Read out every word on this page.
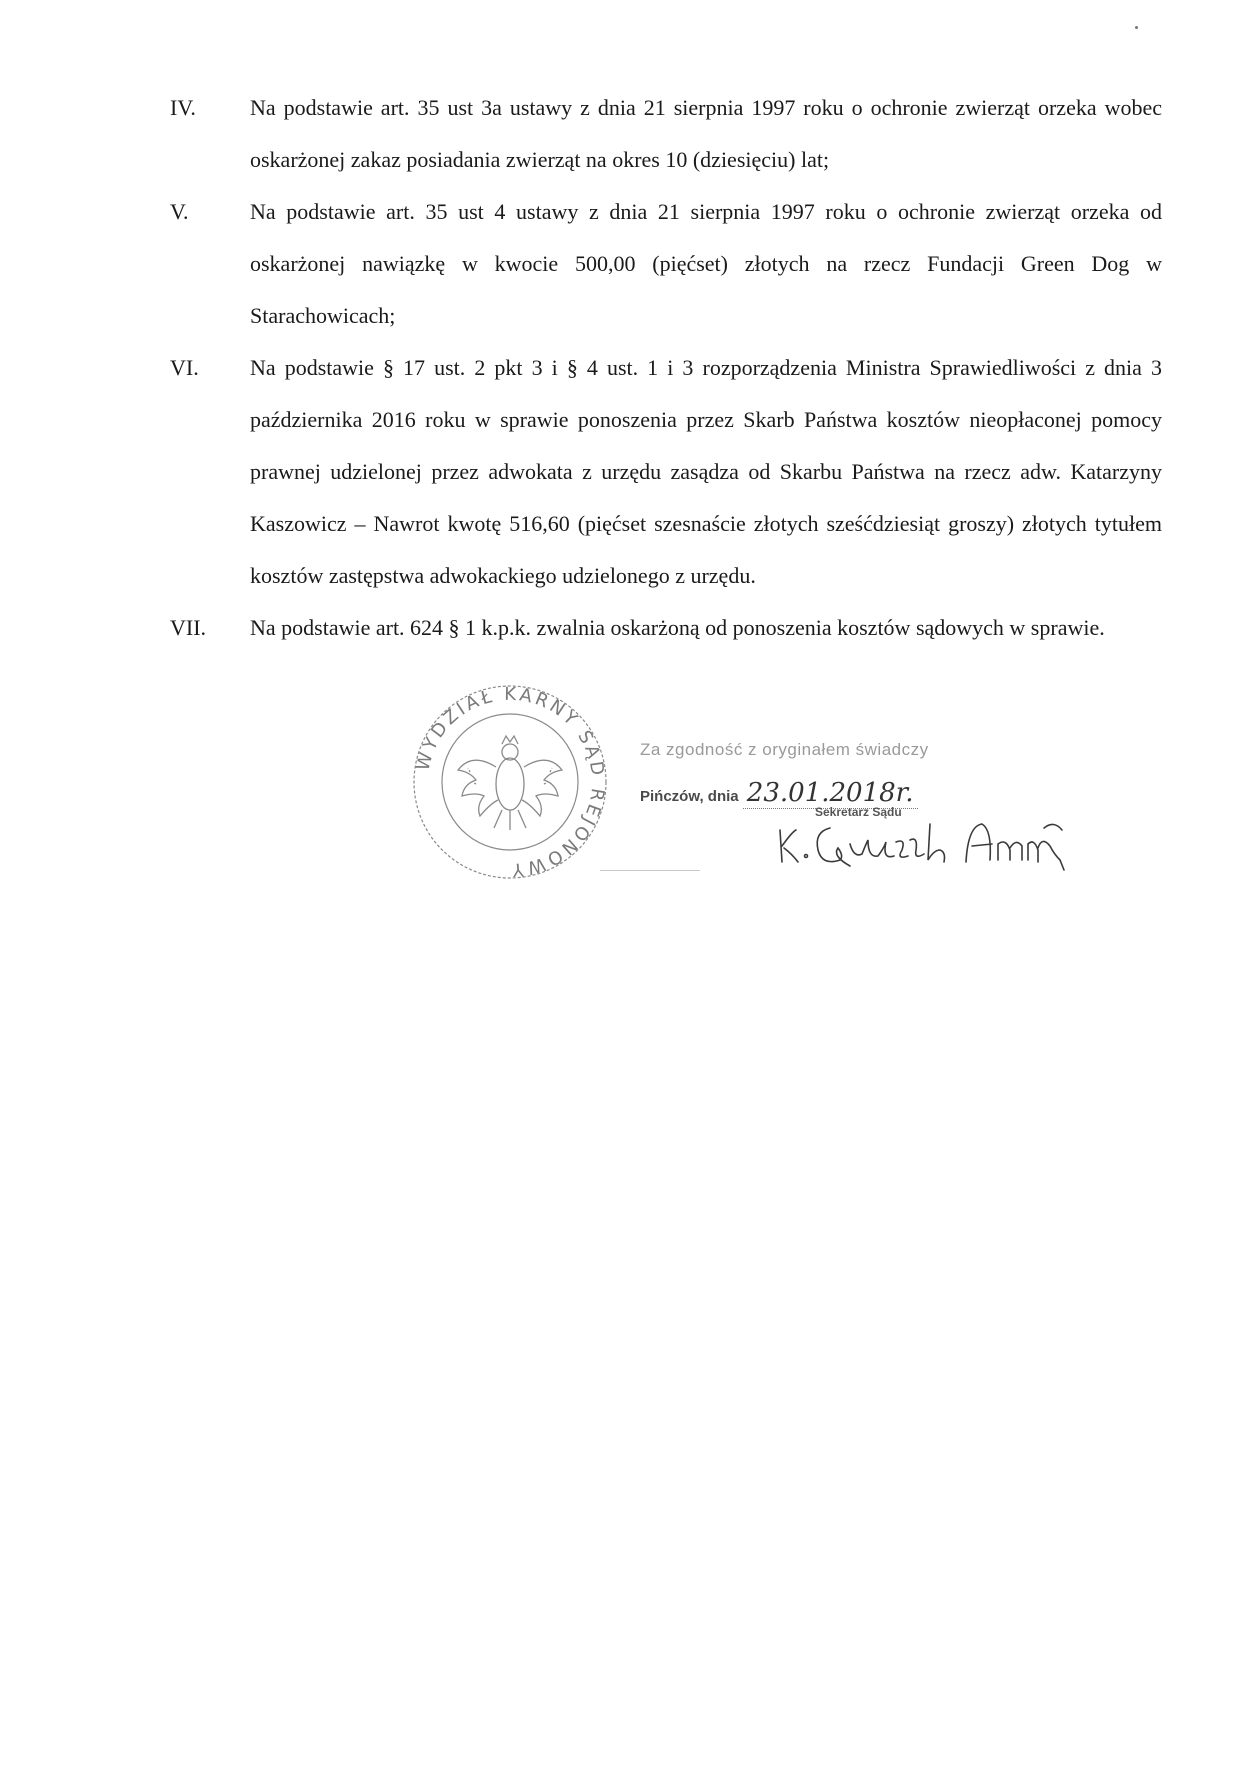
IV.	Na podstawie art. 35 ust 3a ustawy z dnia 21 sierpnia 1997 roku o ochronie zwierząt orzeka wobec oskarżonej zakaz posiadania zwierząt na okres 10 (dziesięciu) lat;
V.	Na podstawie art. 35 ust 4 ustawy z dnia 21 sierpnia 1997 roku o ochronie zwierząt orzeka od oskarżonej nawiązkę w kwocie 500,00 (pięćset) złotych na rzecz Fundacji Green Dog w Starachowicach;
VI.	Na podstawie § 17 ust. 2 pkt 3 i § 4 ust. 1 i 3 rozporządzenia Ministra Sprawiedliwości z dnia 3 października 2016 roku w sprawie ponoszenia przez Skarb Państwa kosztów nieopłaconej pomocy prawnej udzielonej przez adwokata z urzędu zasądza od Skarbu Państwa na rzecz adw. Katarzyny Kaszowicz – Nawrot kwotę 516,60 (pięćset szesnaście złotych sześćdziesiąt groszy) złotych tytułem kosztów zastępstwa adwokackiego udzielonego z urzędu.
VII.	Na podstawie art. 624 § 1 k.p.k. zwalnia oskarżoną od ponoszenia kosztów sądowych w sprawie.
WYDZIAŁ KARNY SĄD REJONOWY
Za zgodność z oryginałem świadczy
Pińczów, dnia 23.01.2018r.
Sekretarz Sądu
